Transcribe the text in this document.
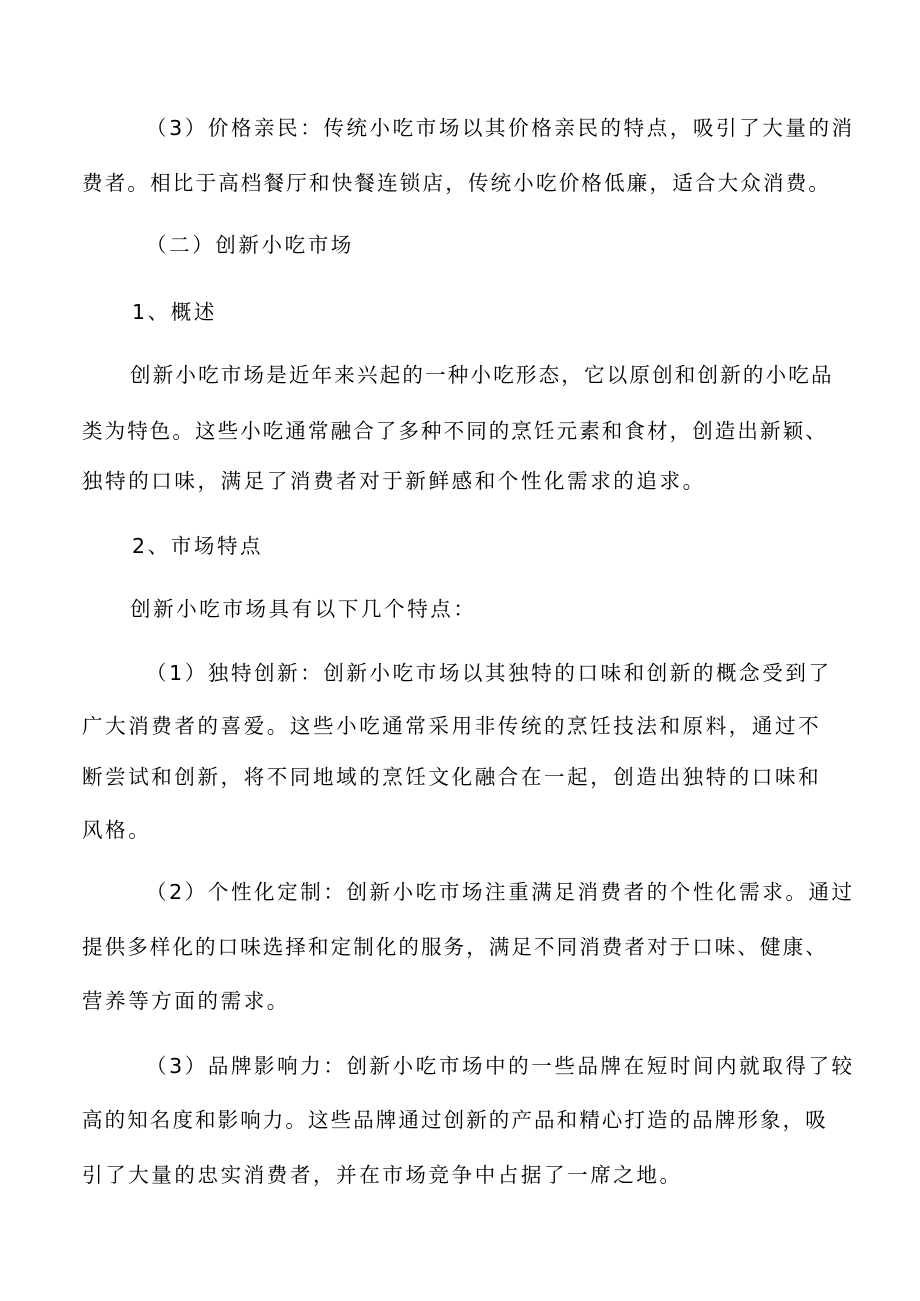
（3）价格亲民：传统小吃市场以其价格亲民的特点，吸引了大量的消

费者。相比于高档餐厅和快餐连锁店，传统小吃价格低廉，适合大众消费。

（二）创新小吃市场

1、概述

创新小吃市场是近年来兴起的一种小吃形态，它以原创和创新的小吃品

类为特色。这些小吃通常融合了多种不同的烹饪元素和食材，创造出新颖、

独特的口味，满足了消费者对于新鲜感和个性化需求的追求。

2、市场特点

创新小吃市场具有以下几个特点：

（1）独特创新：创新小吃市场以其独特的口味和创新的概念受到了

广大消费者的喜爱。这些小吃通常采用非传统的烹饪技法和原料，通过不

断尝试和创新，将不同地域的烹饪文化融合在一起，创造出独特的口味和

风格。

（2）个性化定制：创新小吃市场注重满足消费者的个性化需求。通过

提供多样化的口味选择和定制化的服务，满足不同消费者对于口味、健康、

营养等方面的需求。

（3）品牌影响力：创新小吃市场中的一些品牌在短时间内就取得了较

高的知名度和影响力。这些品牌通过创新的产品和精心打造的品牌形象，吸

引了大量的忠实消费者，并在市场竞争中占据了一席之地。
